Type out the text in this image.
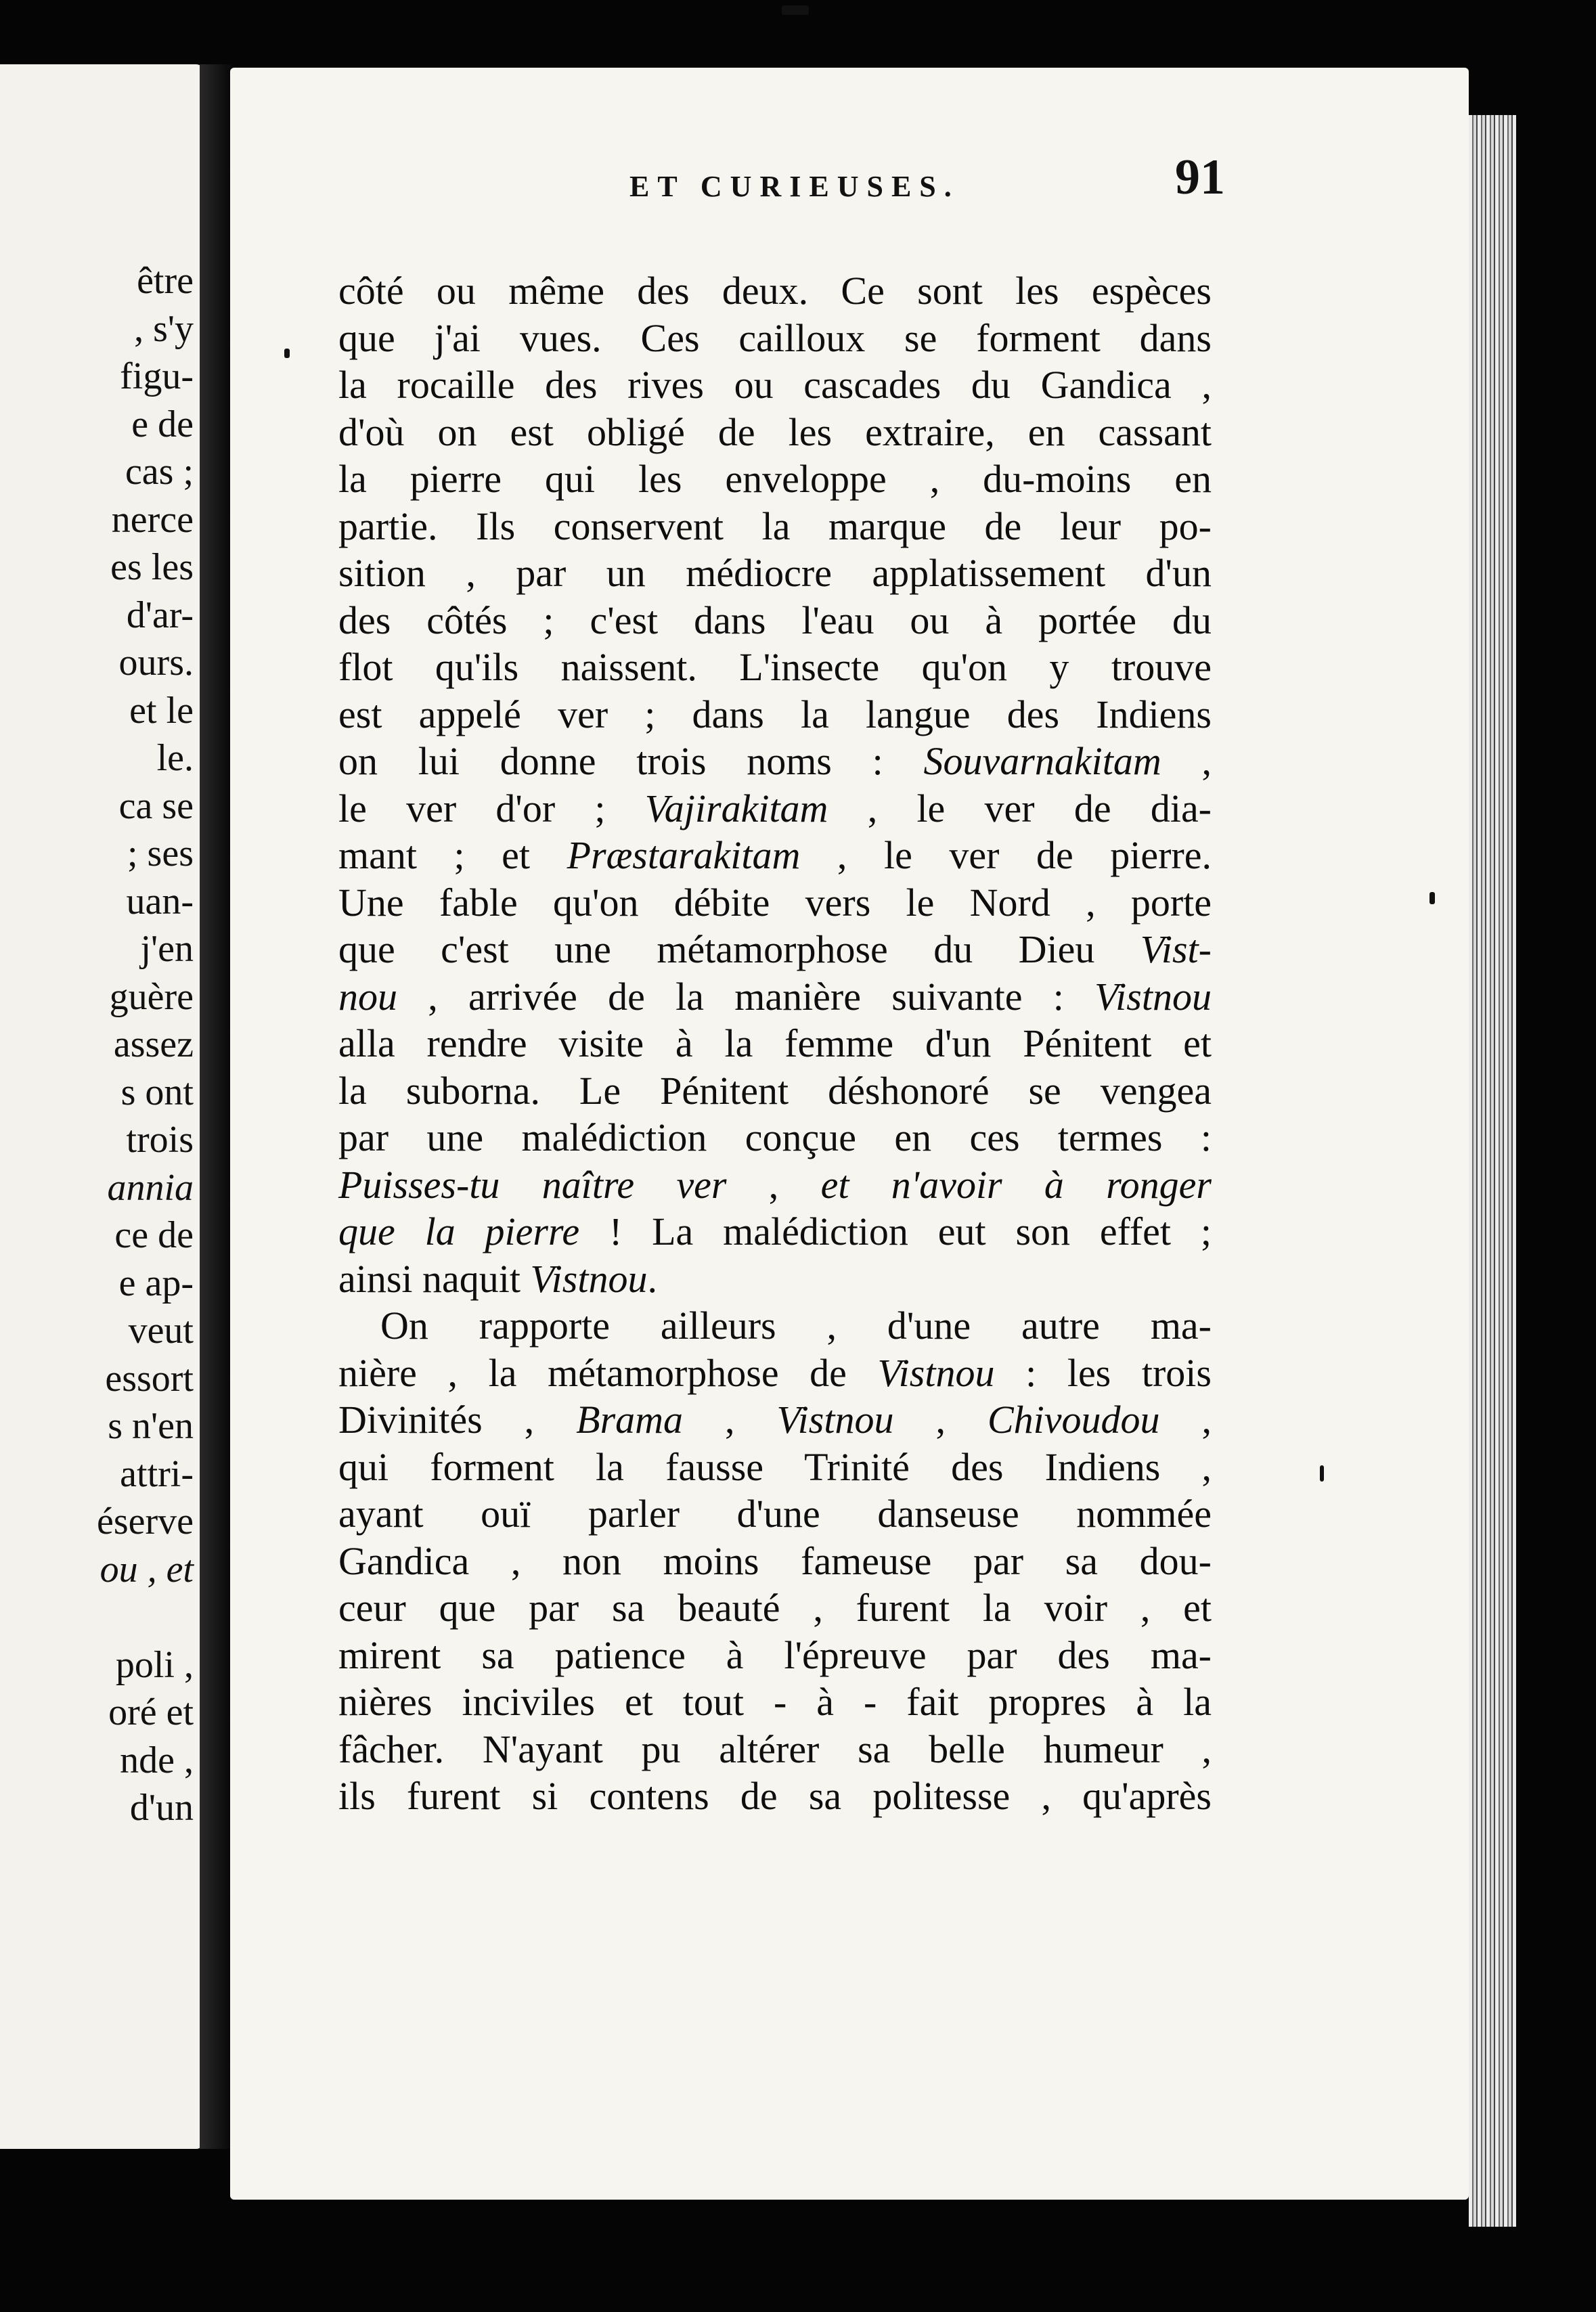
être
, s'y
figu-
e de
cas ;
nerce
es les
d'ar-
ours.
et le
le.
ca se
; ses
uan-
j'en
guère
assez
s ont
trois
annia
ce de
e ap-
veut
essort
s n'en
attri-
éserve
ou , et
poli ,
oré et
nde ,
d'un
ET CURIEUSES.	91
côté ou même des deux. Ce sont les espèces
que j'ai vues. Ces cailloux se forment dans
la rocaille des rives ou cascades du Gandica ,
d'où on est obligé de les extraire, en cassant
la pierre qui les enveloppe , du-moins en
partie. Ils conservent la marque de leur po-
sition , par un médiocre applatissement d'un
des côtés ; c'est dans l'eau ou à portée du
flot qu'ils naissent. L'insecte qu'on y trouve
est appelé ver ; dans la langue des Indiens
on lui donne trois noms : Souvarnakitam ,
le ver d'or ; Vajirakitam , le ver de dia-
mant ; et Præstarakitam , le ver de pierre.
Une fable qu'on débite vers le Nord , porte
que c'est une métamorphose du Dieu Vist-
nou , arrivée de la manière suivante : Vistnou
alla rendre visite à la femme d'un Pénitent et
la suborna. Le Pénitent déshonoré se vengea
par une malédiction conçue en ces termes :
Puisses-tu naître ver , et n'avoir à ronger
que la pierre ! La malédiction eut son effet ;
ainsi naquit Vistnou.
On rapporte ailleurs , d'une autre ma-
nière , la métamorphose de Vistnou : les trois
Divinités , Brama , Vistnou , Chivoudou ,
qui forment la fausse Trinité des Indiens ,
ayant ouï parler d'une danseuse nommée
Gandica , non moins fameuse par sa dou-
ceur que par sa beauté , furent la voir , et
mirent sa patience à l'épreuve par des ma-
nières inciviles et tout - à - fait propres à la
fâcher. N'ayant pu altérer sa belle humeur ,
ils furent si contens de sa politesse , qu'après
